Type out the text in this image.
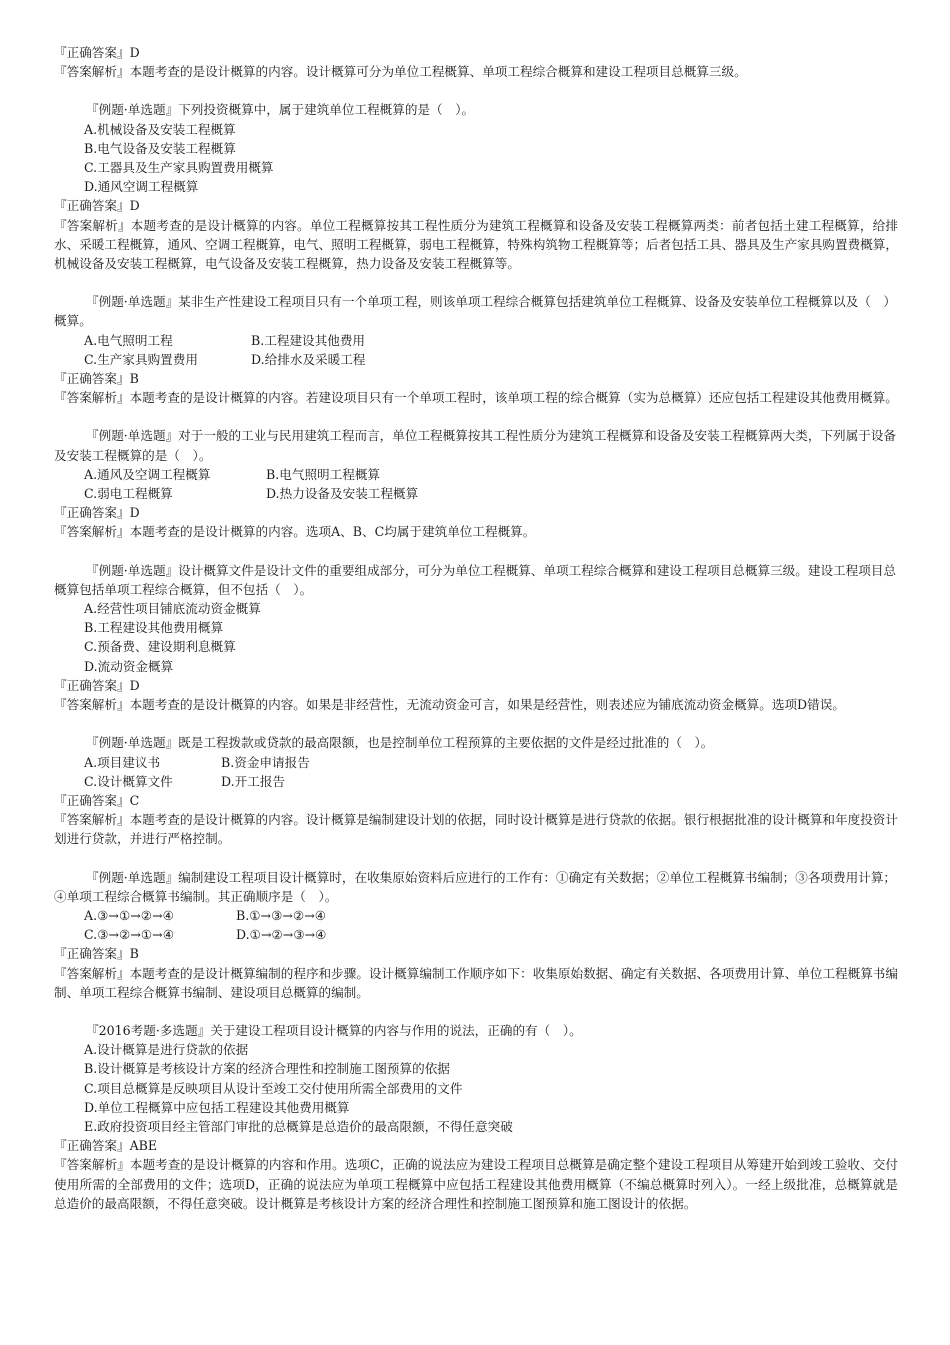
『正确答案』D
『答案解析』本题考查的是设计概算的内容。设计概算可分为单位工程概算、单项工程综合概算和建设工程项目总概算三级。
『例题·单选题』下列投资概算中，属于建筑单位工程概算的是（　）。
A.机械设备及安装工程概算
B.电气设备及安装工程概算
C.工器具及生产家具购置费用概算
D.通风空调工程概算
『正确答案』D
『答案解析』本题考查的是设计概算的内容。单位工程概算按其工程性质分为建筑工程概算和设备及安装工程概算两类：前者包括土建工程概算，给排水、采暖工程概算，通风、空调工程概算，电气、照明工程概算，弱电工程概算，特殊构筑物工程概算等；后者包括工具、器具及生产家具购置费概算，机械设备及安装工程概算，电气设备及安装工程概算，热力设备及安装工程概算等。
『例题·单选题』某非生产性建设工程项目只有一个单项工程，则该单项工程综合概算包括建筑单位工程概算、设备及安装单位工程概算以及（　）概算。
A.电气照明工程	B.工程建设其他费用
C.生产家具购置费用	D.给排水及采暖工程
『正确答案』B
『答案解析』本题考查的是设计概算的内容。若建设项目只有一个单项工程时，该单项工程的综合概算（实为总概算）还应包括工程建设其他费用概算。
『例题·单选题』对于一般的工业与民用建筑工程而言，单位工程概算按其工程性质分为建筑工程概算和设备及安装工程概算两大类，下列属于设备及安装工程概算的是（　）。
A.通风及空调工程概算	B.电气照明工程概算
C.弱电工程概算	D.热力设备及安装工程概算
『正确答案』D
『答案解析』本题考查的是设计概算的内容。选项A、B、C均属于建筑单位工程概算。
『例题·单选题』设计概算文件是设计文件的重要组成部分，可分为单位工程概算、单项工程综合概算和建设工程项目总概算三级。建设工程项目总概算包括单项工程综合概算，但不包括（　）。
A.经营性项目铺底流动资金概算
B.工程建设其他费用概算
C.预备费、建设期利息概算
D.流动资金概算
『正确答案』D
『答案解析』本题考查的是设计概算的内容。如果是非经营性，无流动资金可言，如果是经营性，则表述应为铺底流动资金概算。选项D错误。
『例题·单选题』既是工程拨款或贷款的最高限额，也是控制单位工程预算的主要依据的文件是经过批准的（　）。
A.项目建议书	B.资金申请报告
C.设计概算文件	D.开工报告
『正确答案』C
『答案解析』本题考查的是设计概算的内容。设计概算是编制建设计划的依据，同时设计概算是进行贷款的依据。银行根据批准的设计概算和年度投资计划进行贷款，并进行严格控制。
『例题·单选题』编制建设工程项目设计概算时，在收集原始资料后应进行的工作有：①确定有关数据；②单位工程概算书编制；③各项费用计算；④单项工程综合概算书编制。其正确顺序是（　）。
A.③→①→②→④	B.①→③→②→④
C.③→②→①→④	D.①→②→③→④
『正确答案』B
『答案解析』本题考查的是设计概算编制的程序和步骤。设计概算编制工作顺序如下：收集原始数据、确定有关数据、各项费用计算、单位工程概算书编制、单项工程综合概算书编制、建设项目总概算的编制。
『2016考题·多选题』关于建设工程项目设计概算的内容与作用的说法，正确的有（　）。
A.设计概算是进行贷款的依据
B.设计概算是考核设计方案的经济合理性和控制施工图预算的依据
C.项目总概算是反映项目从设计至竣工交付使用所需全部费用的文件
D.单位工程概算中应包括工程建设其他费用概算
E.政府投资项目经主管部门审批的总概算是总造价的最高限额，不得任意突破
『正确答案』ABE
『答案解析』本题考查的是设计概算的内容和作用。选项C，正确的说法应为建设工程项目总概算是确定整个建设工程项目从筹建开始到竣工验收、交付使用所需的全部费用的文件；选项D，正确的说法应为单项工程概算中应包括工程建设其他费用概算（不编总概算时列入）。一经上级批准，总概算就是总造价的最高限额，不得任意突破。设计概算是考核设计方案的经济合理性和控制施工图预算和施工图设计的依据。
